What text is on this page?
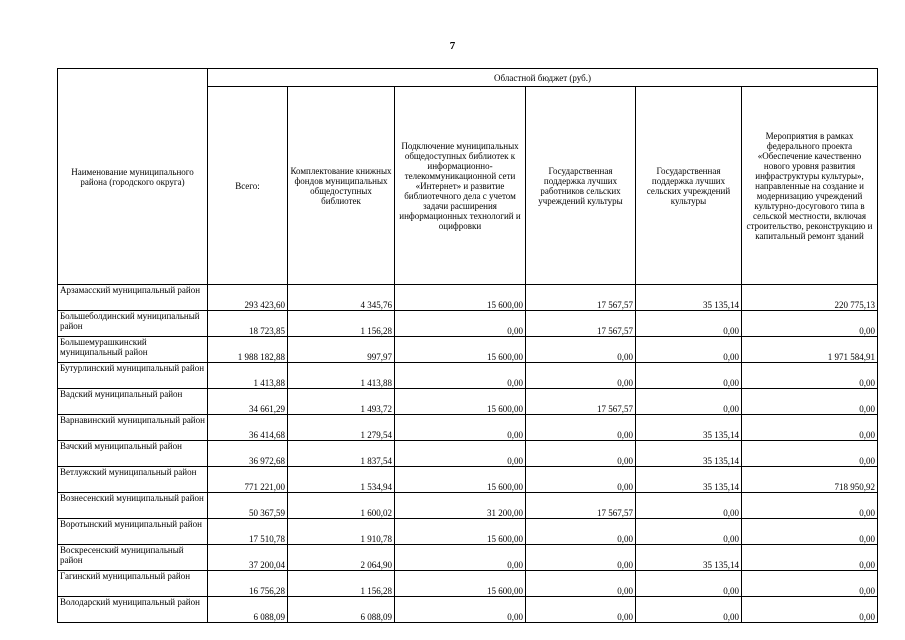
7
Наименование муниципального района (городского округа)	Областной бюджет (руб.)					
	Всего:	Комплектование книжных фондов муниципальных общедоступных библиотек	Подключение муниципальных общедоступных библиотек к информационно-телекоммуникационной сети «Интернет» и развитие библиотечного дела с учетом задачи расширения информационных технологий и оцифровки	Государственная поддержка лучших работников сельских учреждений культуры	Государственная поддержка лучших сельских учреждений культуры	Мероприятия в рамках федерального проекта «Обеспечение качественно нового уровня развития инфраструктуры культуры», направленные на создание и модернизацию учреждений культурно-досугового типа в сельской местности, включая строительство, реконструкцию и капитальный ремонт зданий
Арзамасский муниципальный район	293 423,60	4 345,76	15 600,00	17 567,57	35 135,14	220 775,13
Большеболдинский муниципальный район	18 723,85	1 156,28	0,00	17 567,57	0,00	0,00
Большемурашкинский муниципальный район	1 988 182,88	997,97	15 600,00	0,00	0,00	1 971 584,91
Бутурлинский муниципальный район	1 413,88	1 413,88	0,00	0,00	0,00	0,00
Вадский муниципальный район	34 661,29	1 493,72	15 600,00	17 567,57	0,00	0,00
Варнавинский муниципальный район	36 414,68	1 279,54	0,00	0,00	35 135,14	0,00
Вачский муниципальный район	36 972,68	1 837,54	0,00	0,00	35 135,14	0,00
Ветлужский муниципальный район	771 221,00	1 534,94	15 600,00	0,00	35 135,14	718 950,92
Вознесенский муниципальный район	50 367,59	1 600,02	31 200,00	17 567,57	0,00	0,00
Воротынский муниципальный район	17 510,78	1 910,78	15 600,00	0,00	0,00	0,00
Воскресенский муниципальный район	37 200,04	2 064,90	0,00	0,00	35 135,14	0,00
Гагинский муниципальный район	16 756,28	1 156,28	15 600,00	0,00	0,00	0,00
Володарский муниципальный район	6 088,09	6 088,09	0,00	0,00	0,00	0,00
